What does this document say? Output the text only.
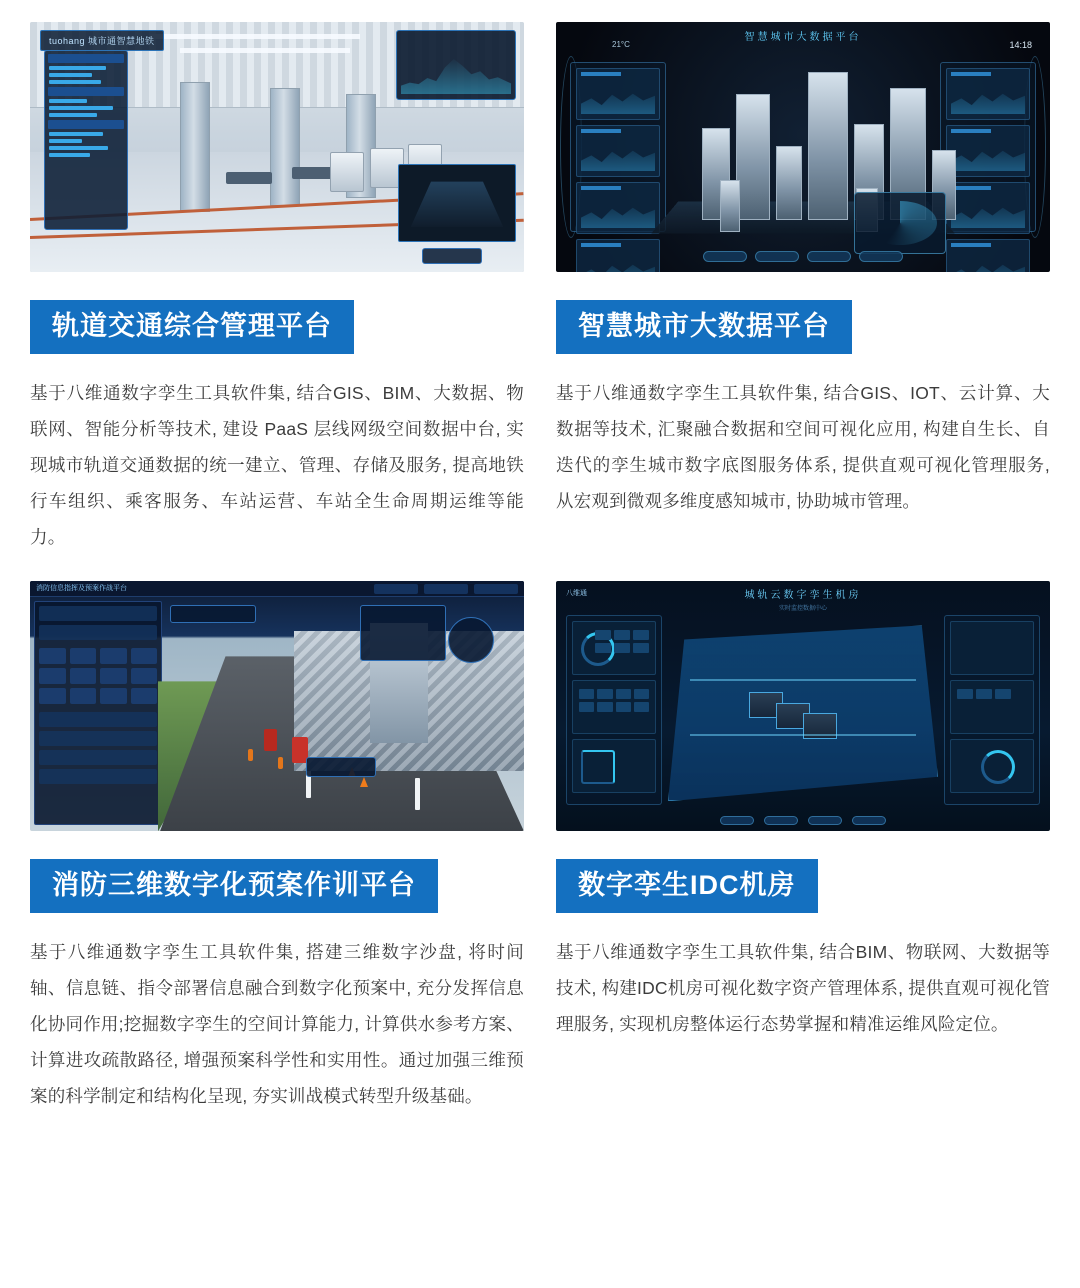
tuohang 城市通智慧地铁
轨道交通综合管理平台
基于八维通数字孪生工具软件集, 结合GIS、BIM、大数据、物联网、智能分析等技术, 建设 PaaS 层线网级空间数据中台, 实现城市轨道交通数据的统一建立、管理、存储及服务, 提高地铁行车组织、乘客服务、车站运营、车站全生命周期运维等能力。
智慧城市大数据平台
14:18
21°C
智慧城市大数据平台
基于八维通数字孪生工具软件集, 结合GIS、IOT、云计算、大数据等技术, 汇聚融合数据和空间可视化应用, 构建自生长、自迭代的孪生城市数字底图服务体系, 提供直观可视化管理服务, 从宏观到微观多维度感知城市, 协助城市管理。
消防信息指挥及预案作战平台
消防三维数字化预案作训平台
基于八维通数字孪生工具软件集, 搭建三维数字沙盘, 将时间轴、信息链、指令部署信息融合到数字化预案中, 充分发挥信息化协同作用;挖掘数字孪生的空间计算能力, 计算供水参考方案、计算进攻疏散路径, 增强预案科学性和实用性。通过加强三维预案的科学制定和结构化呈现, 夯实训战模式转型升级基础。
八维通	城轨云数字孪生机房
实时监控数据中心
数字孪生IDC机房
基于八维通数字孪生工具软件集, 结合BIM、物联网、大数据等技术, 构建IDC机房可视化数字资产管理体系, 提供直观可视化管理服务, 实现机房整体运行态势掌握和精准运维风险定位。
